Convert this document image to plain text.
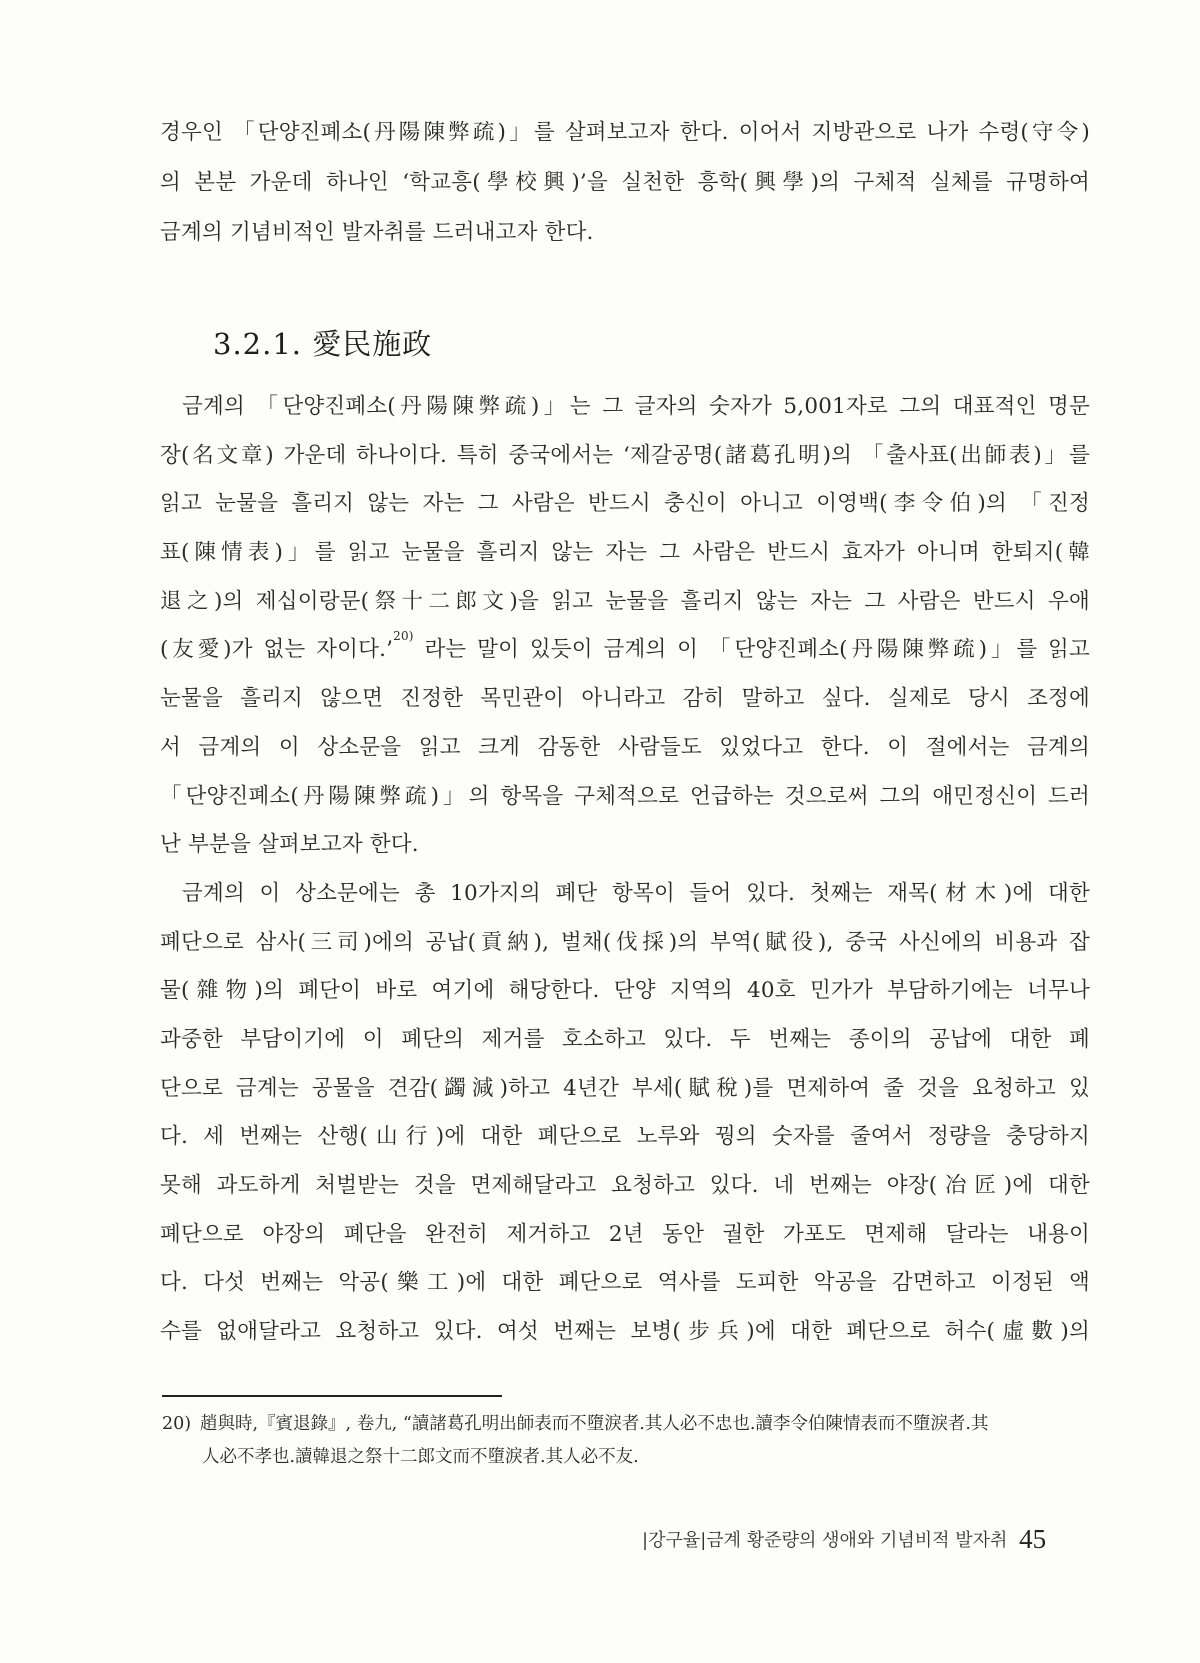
경우인 「단양진폐소(丹陽陳弊疏)」를 살펴보고자 한다. 이어서 지방관으로 나가 수령(守令)
의 본분 가운데 하나인 ‘학교흥(學校興)’을 실천한 흥학(興學)의 구체적 실체를 규명하여
금계의 기념비적인 발자취를 드러내고자 한다.
3.2.1. 愛民施政
금계의 「단양진폐소(丹陽陳弊疏)」는 그 글자의 숫자가 5,001자로 그의 대표적인 명문
장(名文章) 가운데 하나이다. 특히 중국에서는 ‘제갈공명(諸葛孔明)의 「출사표(出師表)」를
읽고 눈물을 흘리지 않는 자는 그 사람은 반드시 충신이 아니고 이영백(李令伯)의 「진정
표(陳情表)」를 읽고 눈물을 흘리지 않는 자는 그 사람은 반드시 효자가 아니며 한퇴지(韓
退之)의 제십이랑문(祭十二郎文)을 읽고 눈물을 흘리지 않는 자는 그 사람은 반드시 우애
(友愛)가 없는 자이다.’$^{20)}$ 라는 말이 있듯이 금계의 이 「단양진폐소(丹陽陳弊疏)」를 읽고
눈물을 흘리지 않으면 진정한 목민관이 아니라고 감히 말하고 싶다. 실제로 당시 조정에
서 금계의 이 상소문을 읽고 크게 감동한 사람들도 있었다고 한다. 이 절에서는 금계의
「단양진폐소(丹陽陳弊疏)」의 항목을 구체적으로 언급하는 것으로써 그의 애민정신이 드러
난 부분을 살펴보고자 한다.
금계의 이 상소문에는 총 10가지의 폐단 항목이 들어 있다. 첫째는 재목(材木)에 대한
폐단으로 삼사(三司)에의 공납(貢納), 벌채(伐採)의 부역(賦役), 중국 사신에의 비용과 잡
물(雜物)의 폐단이 바로 여기에 해당한다. 단양 지역의 40호 민가가 부담하기에는 너무나
과중한 부담이기에 이 폐단의 제거를 호소하고 있다. 두 번째는 종이의 공납에 대한 폐
단으로 금계는 공물을 견감(蠲減)하고 4년간 부세(賦稅)를 면제하여 줄 것을 요청하고 있
다. 세 번째는 산행(山行)에 대한 폐단으로 노루와 꿩의 숫자를 줄여서 정량을 충당하지
못해 과도하게 처벌받는 것을 면제해달라고 요청하고 있다. 네 번째는 야장(冶匠)에 대한
폐단으로 야장의 폐단을 완전히 제거하고 2년 동안 궐한 가포도 면제해 달라는 내용이
다. 다섯 번째는 악공(樂工)에 대한 폐단으로 역사를 도피한 악공을 감면하고 이정된 액
수를 없애달라고 요청하고 있다. 여섯 번째는 보병(步兵)에 대한 폐단으로 허수(虛數)의
20) 趙與時,『賓退錄』, 卷九, “讀諸葛孔明出師表而不墮淚者.其人必不忠也.讀李令伯陳情表而不墮淚者.其
人必不孝也.讀韓退之祭十二郎文而不墮淚者.其人必不友.
|강구율|금계 황준량의 생애와 기념비적 발자취 45
